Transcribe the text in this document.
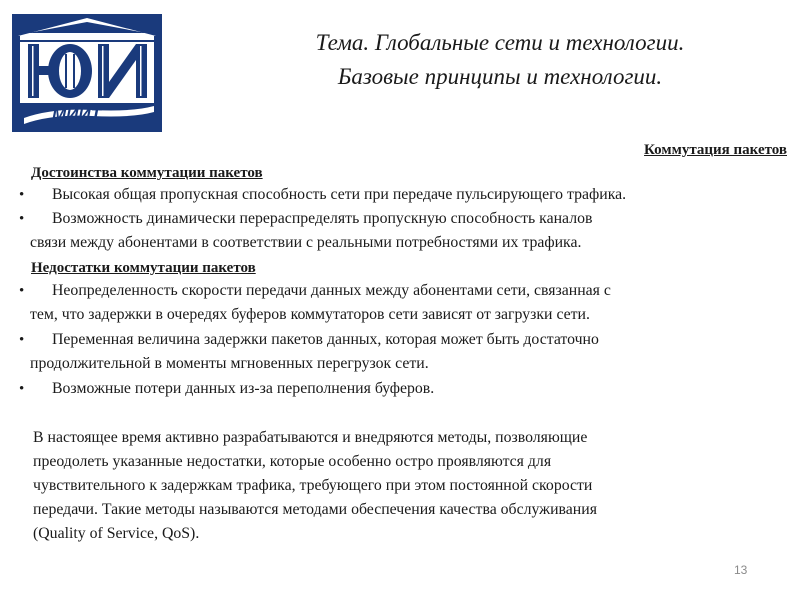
МИИТ
Тема. Глобальные сети и технологии.
Базовые принципы и технологии.
Коммутация пакетов
Достоинства коммутации пакетов
• Высокая общая пропускная способность сети при передаче пульсирующего трафика.
• Возможность динамически перераспределять пропускную способность каналов
связи между абонентами в соответствии с реальными потребностями их трафика.
Недостатки коммутации пакетов
• Неопределенность скорости передачи данных между абонентами сети, связанная с
тем, что задержки в очередях буферов коммутаторов сети зависят от загрузки сети.
• Переменная величина задержки пакетов данных, которая может быть достаточно
продолжительной в моменты мгновенных перегрузок сети.
• Возможные потери данных из-за переполнения буферов.
В настоящее время активно разрабатываются и внедряются методы, позволяющие
преодолеть указанные недостатки, которые особенно остро проявляются для
чувствительного к задержкам трафика, требующего при этом постоянной скорости
передачи. Такие методы называются методами обеспечения качества обслуживания
(Quality of Service, QoS).
13
